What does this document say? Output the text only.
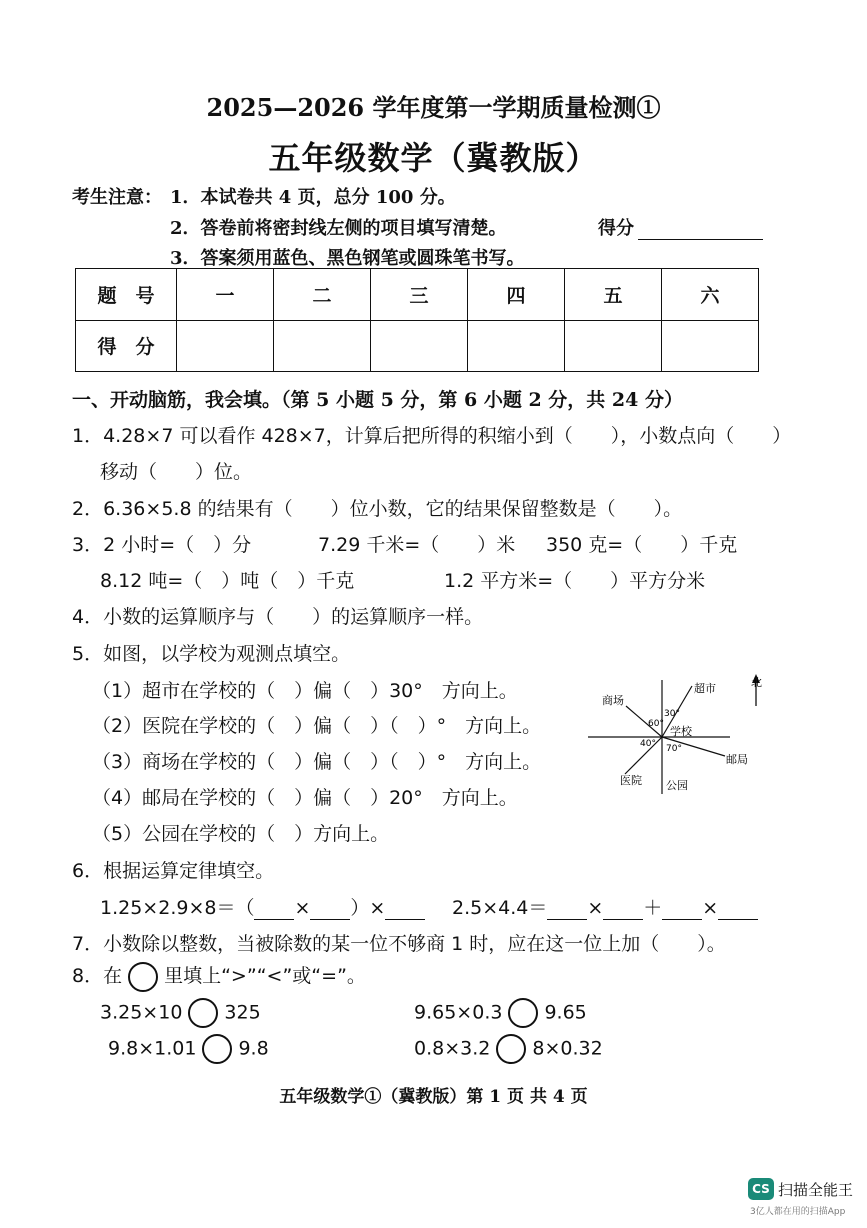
2025—2026 学年度第一学期质量检测①
五年级数学（冀教版）
考生注意： 1．本试卷共 4 页，总分 100 分。
2．答卷前将密封线左侧的项目填写清楚。	得分
3．答案须用蓝色、黑色钢笔或圆珠笔书写。
题　号	一	二	三	四	五	六
得　分						
一、开动脑筋，我会填。（第 5 小题 5 分，第 6 小题 2 分，共 24 分）
1．4.28×7 可以看作 428×7，计算后把所得的积缩小到（　　），小数点向（　　）
移动（　　）位。
2．6.36×5.8 的结果有（　　）位小数，它的结果保留整数是（　　）。
3．2 小时=（　）分	7.29 千米=（　　）米 350 克=（　　）千克
8.12 吨=（　）吨（　）千克	1.2 平方米=（　　）平方分米
4．小数的运算顺序与（　　）的运算顺序一样。
5．如图，以学校为观测点填空。
（1）超市在学校的（　）偏（　）30°　方向上。
（2）医院在学校的（　）偏（　）（　）°　方向上。
（3）商场在学校的（　）偏（　）（　）°　方向上。
（4）邮局在学校的（　）偏（　）20°　方向上。
（5）公园在学校的（　）方向上。
北
学校
超市
商场
邮局
医院 公园
30°
60°
40° 70°
6．根据运算定律填空。
1.25×2.9×8＝（ × ）×	2.5×4.4＝ × ＋ ×
7．小数除以整数，当被除数的某一位不够商 1 时，应在这一位上加（　　）。
8．在 里填上“>”“<”或“=”。
3.25×10 325	9.65×0.3 9.65
9.8×1.01 9.8	0.8×3.2 8×0.32
五年级数学①（冀教版）第 1 页 共 4 页
CS 扫描全能王
3亿人都在用的扫描App
